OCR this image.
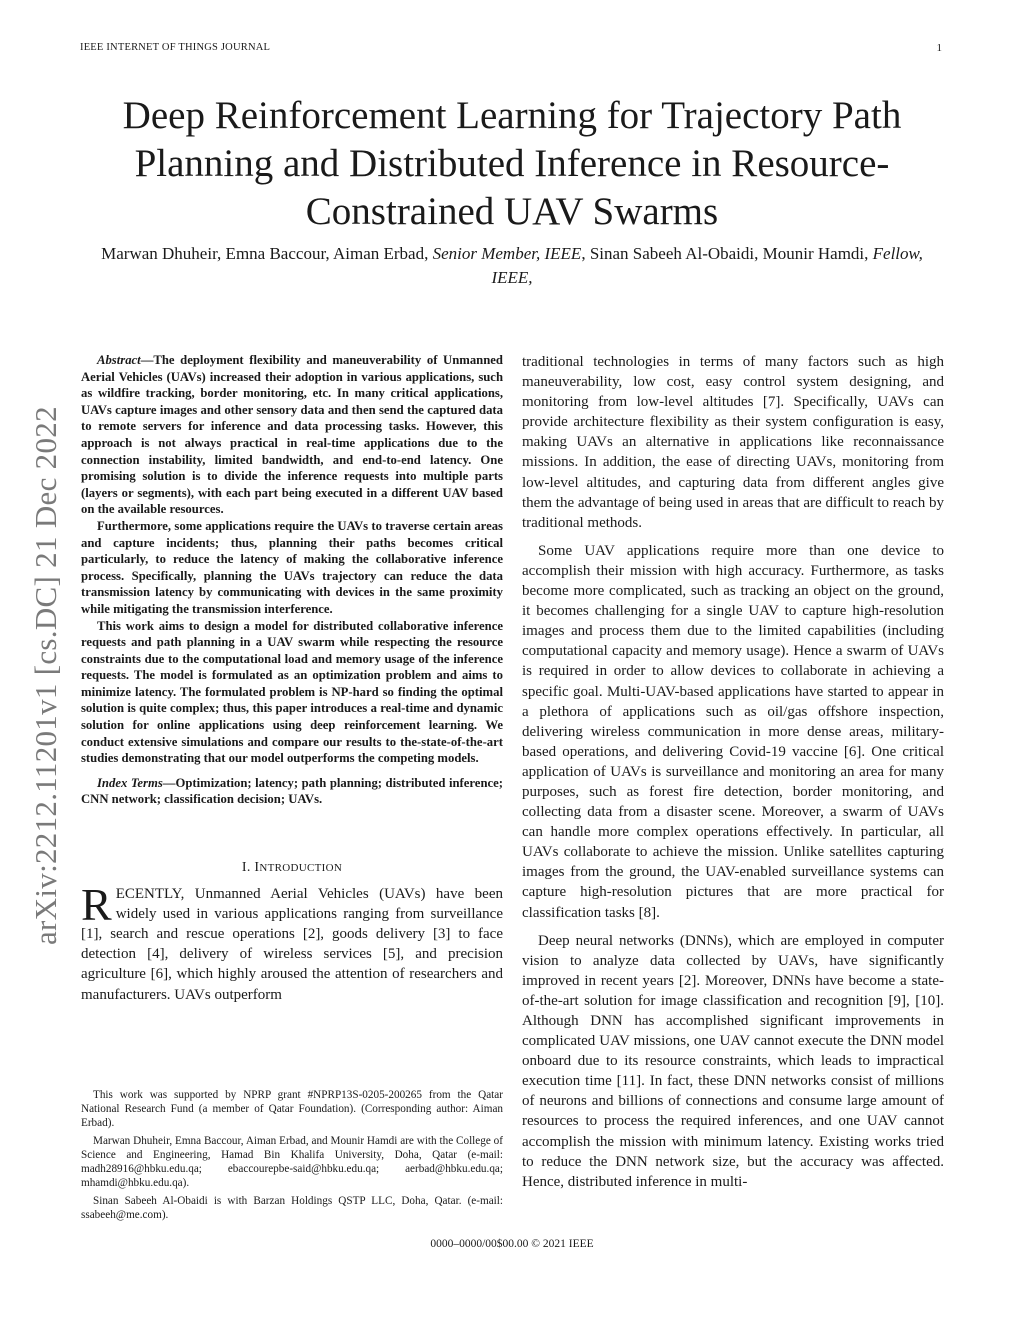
IEEE INTERNET OF THINGS JOURNAL	1
Deep Reinforcement Learning for Trajectory Path Planning and Distributed Inference in Resource-Constrained UAV Swarms
Marwan Dhuheir, Emna Baccour, Aiman Erbad, Senior Member, IEEE, Sinan Sabeeh Al-Obaidi, Mounir Hamdi, Fellow, IEEE,
arXiv:2212.11201v1 [cs.DC] 21 Dec 2022

Abstract—The deployment flexibility and maneuverability of Unmanned Aerial Vehicles (UAVs) increased their adoption in various applications, such as wildfire tracking, border monitoring, etc. In many critical applications, UAVs capture images and other sensory data and then send the captured data to remote servers for inference and data processing tasks. However, this approach is not always practical in real-time applications due to the connection instability, limited bandwidth, and end-to-end latency. One promising solution is to divide the inference requests into multiple parts (layers or segments), with each part being executed in a different UAV based on the available resources.

Furthermore, some applications require the UAVs to traverse certain areas and capture incidents; thus, planning their paths becomes critical particularly, to reduce the latency of making the collaborative inference process. Specifically, planning the UAVs trajectory can reduce the data transmission latency by communicating with devices in the same proximity while mitigating the transmission interference.

This work aims to design a model for distributed collaborative inference requests and path planning in a UAV swarm while respecting the resource constraints due to the computational load and memory usage of the inference requests. The model is formulated as an optimization problem and aims to minimize latency. The formulated problem is NP-hard so finding the optimal solution is quite complex; thus, this paper introduces a real-time and dynamic solution for online applications using deep reinforcement learning. We conduct extensive simulations and compare our results to the-state-of-the-art studies demonstrating that our model outperforms the competing models.

Index Terms—Optimization; latency; path planning; distributed inference; CNN network; classification decision; UAVs.
I. INTRODUCTION

RECENTLY, Unmanned Aerial Vehicles (UAVs) have been widely used in various applications ranging from surveillance [1], search and rescue operations [2], goods delivery [3] to face detection [4], delivery of wireless services [5], and precision agriculture [6], which highly aroused the attention of researchers and manufacturers. UAVs outperform

This work was supported by NPRP grant #NPRP13S-0205-200265 from the Qatar National Research Fund (a member of Qatar Foundation). (Corresponding author: Aiman Erbad).

Marwan Dhuheir, Emna Baccour, Aiman Erbad, and Mounir Hamdi are with the College of Science and Engineering, Hamad Bin Khalifa University, Doha, Qatar (e-mail: madh28916@hbku.edu.qa; ebaccourepbe-said@hbku.edu.qa; aerbad@hbku.edu.qa; mhamdi@hbku.edu.qa).

Sinan Sabeeh Al-Obaidi is with Barzan Holdings QSTP LLC, Doha, Qatar. (e-mail: ssabeeh@me.com).

traditional technologies in terms of many factors such as high maneuverability, low cost, easy control system designing, and monitoring from low-level altitudes [7]. Specifically, UAVs can provide architecture flexibility as their system configuration is easy, making UAVs an alternative in applications like reconnaissance missions. In addition, the ease of directing UAVs, monitoring from low-level altitudes, and capturing data from different angles give them the advantage of being used in areas that are difficult to reach by traditional methods.

Some UAV applications require more than one device to accomplish their mission with high accuracy. Furthermore, as tasks become more complicated, such as tracking an object on the ground, it becomes challenging for a single UAV to capture high-resolution images and process them due to the limited capabilities (including computational capacity and memory usage). Hence a swarm of UAVs is required in order to allow devices to collaborate in achieving a specific goal. Multi-UAV-based applications have started to appear in a plethora of applications such as oil/gas offshore inspection, delivering wireless communication in more dense areas, military-based operations, and delivering Covid-19 vaccine [6]. One critical application of UAVs is surveillance and monitoring an area for many purposes, such as forest fire detection, border monitoring, and collecting data from a disaster scene. Moreover, a swarm of UAVs can handle more complex operations effectively. In particular, all UAVs collaborate to achieve the mission. Unlike satellites capturing images from the ground, the UAV-enabled surveillance systems can capture high-resolution pictures that are more practical for classification tasks [8].

Deep neural networks (DNNs), which are employed in computer vision to analyze data collected by UAVs, have significantly improved in recent years [2]. Moreover, DNNs have become a state-of-the-art solution for image classification and recognition [9], [10]. Although DNN has accomplished significant improvements in complicated UAV missions, one UAV cannot execute the DNN model onboard due to its resource constraints, which leads to impractical execution time [11]. In fact, these DNN networks consist of millions of neurons and billions of connections and consume large amount of resources to process the required inferences, and one UAV cannot accomplish the mission with minimum latency. Existing works tried to reduce the DNN network size, but the accuracy was affected. Hence, distributed inference in multi-

0000–0000/00$00.00 © 2021 IEEE
